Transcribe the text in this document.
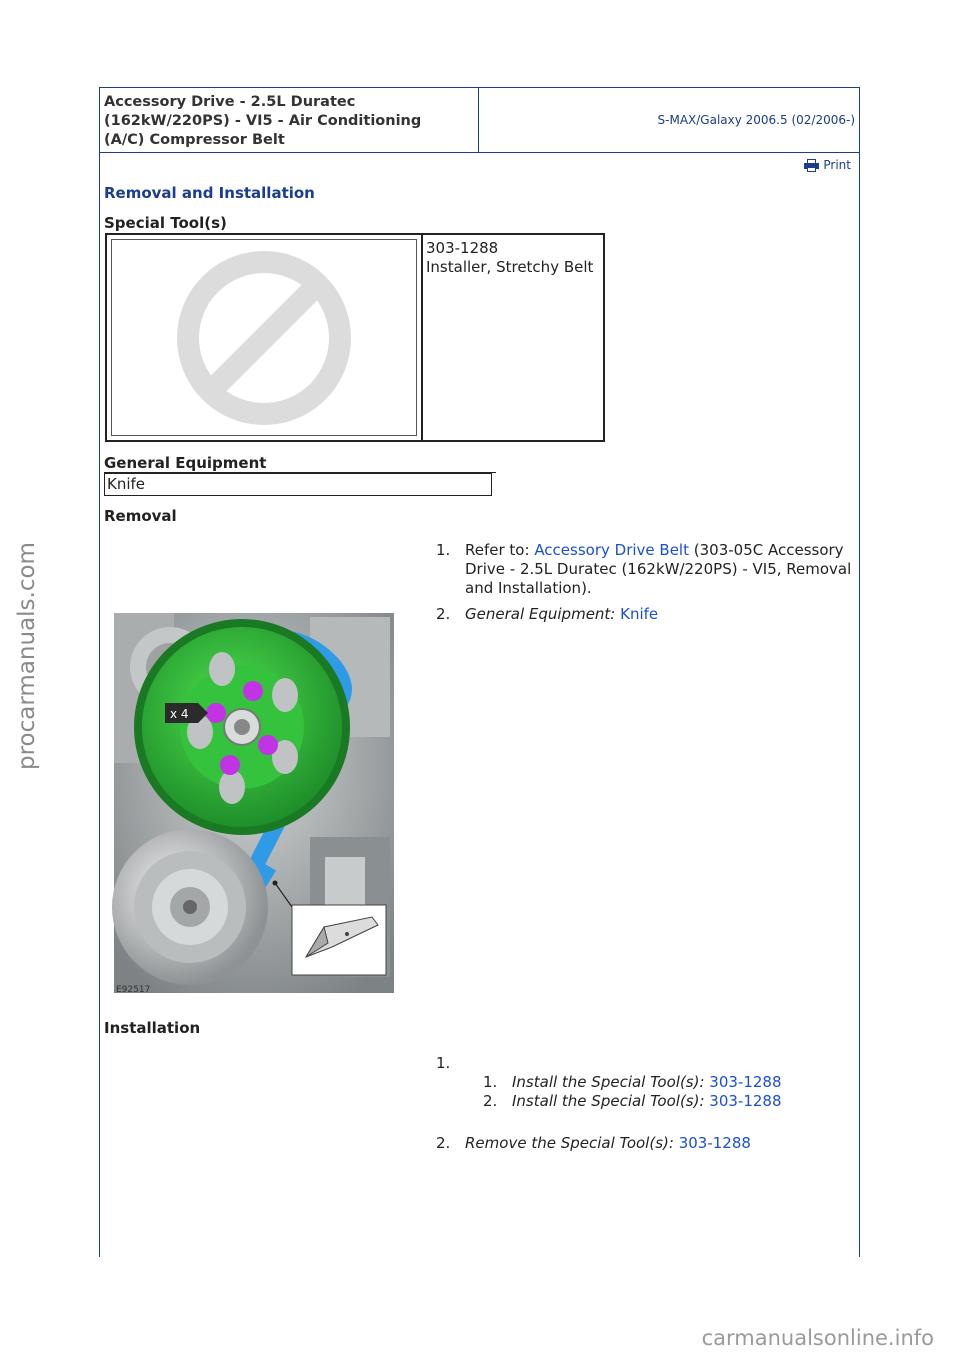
procarmanuals.com
carmanualsonline.info
Accessory Drive - 2.5L Duratec
(162kW/220PS) - VI5 - Air Conditioning
(A/C) Compressor Belt
S-MAX/Galaxy 2006.5 (02/2006-)
Print
Removal and Installation
Special Tool(s)
303-1288
Installer, Stretchy Belt
General Equipment
Knife
Removal
1. Refer to: Accessory Drive Belt (303-05C Accessory Drive - 2.5L Duratec (162kW/220PS) - VI5, Removal and Installation).
2. General Equipment: Knife
x 4
E92517
Installation
1.
1. Install the Special Tool(s): 303-1288
2. Install the Special Tool(s): 303-1288
2. Remove the Special Tool(s): 303-1288
